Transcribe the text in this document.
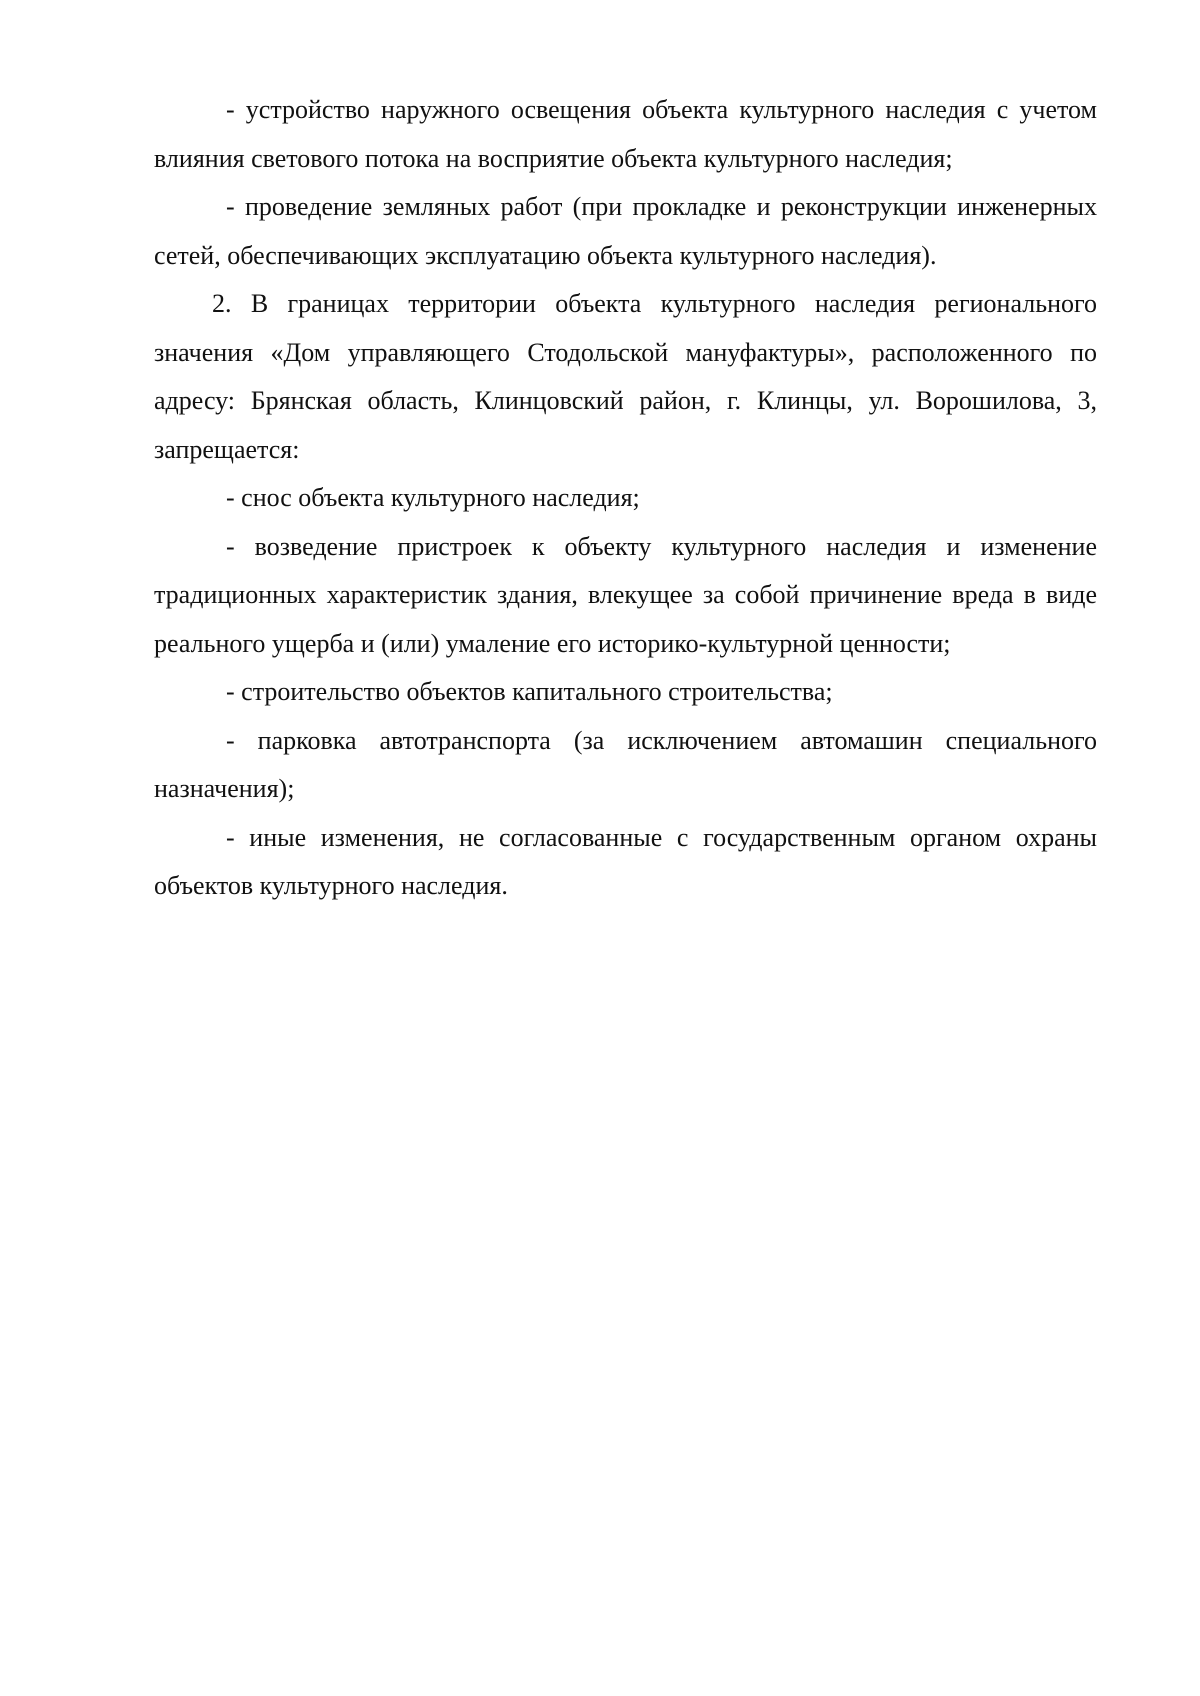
- устройство наружного освещения объекта культурного наследия с учетом влияния светового потока на восприятие объекта культурного наследия;

- проведение земляных работ (при прокладке и реконструкции инженерных сетей, обеспечивающих эксплуатацию объекта культурного наследия).

2. В границах территории объекта культурного наследия регионального значения «Дом управляющего Стодольской мануфактуры», расположенного по адресу: Брянская область, Клинцовский район, г. Клинцы, ул. Ворошилова, 3, запрещается:

- снос объекта культурного наследия;

- возведение пристроек к объекту культурного наследия и изменение традиционных характеристик здания, влекущее за собой причинение вреда в виде реального ущерба и (или) умаление его историко-культурной ценности;

- строительство объектов капитального строительства;

- парковка автотранспорта (за исключением автомашин специального назначения);

- иные изменения, не согласованные с государственным органом охраны объектов культурного наследия.
